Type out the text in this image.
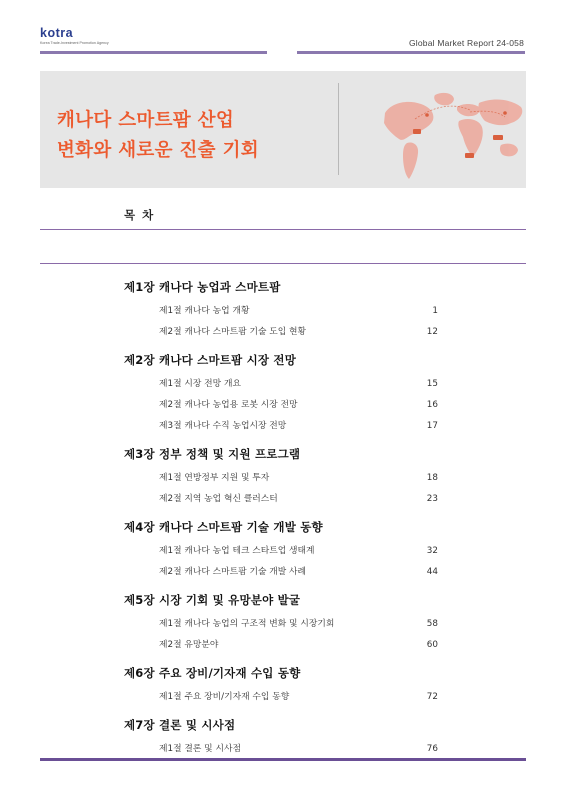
kotra
Korea Trade-Investment Promotion Agency	Global Market Report 24-058
캐나다 스마트팜 산업
변화와 새로운 진출 기회
목차
제1장 캐나다 농업과 스마트팜
제1절 캐나다 농업 개황	1
제2절 캐나다 스마트팜 기술 도입 현황	12
제2장 캐나다 스마트팜 시장 전망
제1절 시장 전망 개요	15
제2절 캐나다 농업용 로봇 시장 전망	16
제3절 캐나다 수직 농업시장 전망	17
제3장 정부 정책 및 지원 프로그램
제1절 연방정부 지원 및 투자	18
제2절 지역 농업 혁신 클러스터	23
제4장 캐나다 스마트팜 기술 개발 동향
제1절 캐나다 농업 테크 스타트업 생태계	32
제2절 캐나다 스마트팜 기술 개발 사례	44
제5장 시장 기회 및 유망분야 발굴
제1절 캐나다 농업의 구조적 변화 및 시장기회	58
제2절 유망분야	60
제6장 주요 장비/기자재 수입 동향
제1절 주요 장비/기자재 수입 동향	72
제7장 결론 및 시사점
제1절 결론 및 시사점	76
